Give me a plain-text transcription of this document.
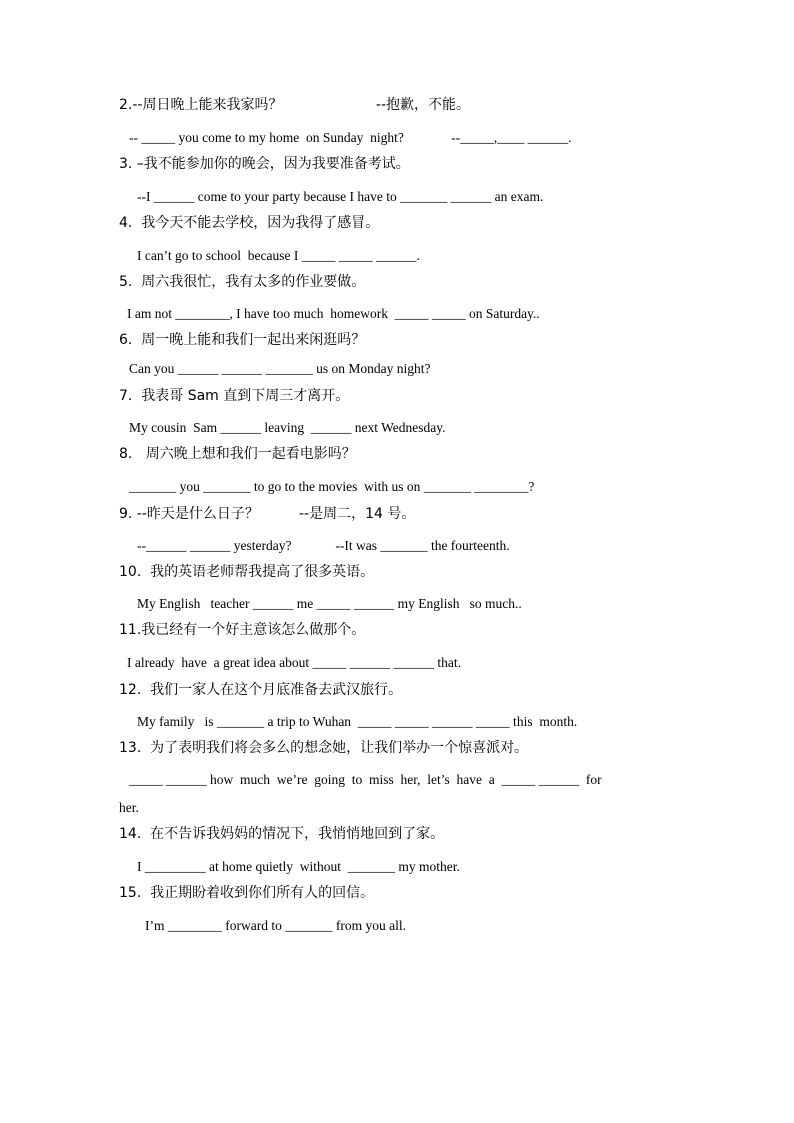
2.--周日晚上能来我家吗？                     --抱歉，不能。
-- _____ you come to my home  on Sunday  night?              --_____,____ ______.
3. –我不能参加你的晚会，因为我要准备考试。
--I ______ come to your party because I have to _______ ______ an exam.
4.  我今天不能去学校，因为我得了感冒。
I can’t go to school  because I _____ _____ ______.
5.  周六我很忙，我有太多的作业要做。
I am not ________, I have too much  homework  _____ _____ on Saturday..
6.  周一晚上能和我们一起出来闲逛吗？
Can you ______ ______ _______ us on Monday night?
7.  我表哥 Sam 直到下周三才离开。
My cousin  Sam ______ leaving  ______ next Wednesday.
8.   周六晚上想和我们一起看电影吗？
_______ you _______ to go to the movies  with us on _______ ________?
9. --昨天是什么日子？         --是周二，14 号。
--______ ______ yesterday?             --It was _______ the fourteenth.
10.  我的英语老师帮我提高了很多英语。
My English   teacher ______ me _____ ______ my English   so much..
11.我已经有一个好主意该怎么做那个。
I already  have  a great idea about _____ ______ ______ that.
12.  我们一家人在这个月底准备去武汉旅行。
My family   is _______ a trip to Wuhan  _____ _____ ______ _____ this  month.
13.  为了表明我们将会多么的想念她，让我们举办一个惊喜派对。
_____ ______ how  much  we’re  going  to  miss  her,  let’s  have  a  _____ ______  for
her.
14.  在不告诉我妈妈的情况下，我悄悄地回到了家。
I _________ at home quietly  without  _______ my mother.
15.  我正期盼着收到你们所有人的回信。
I’m ________ forward to _______ from you all.
